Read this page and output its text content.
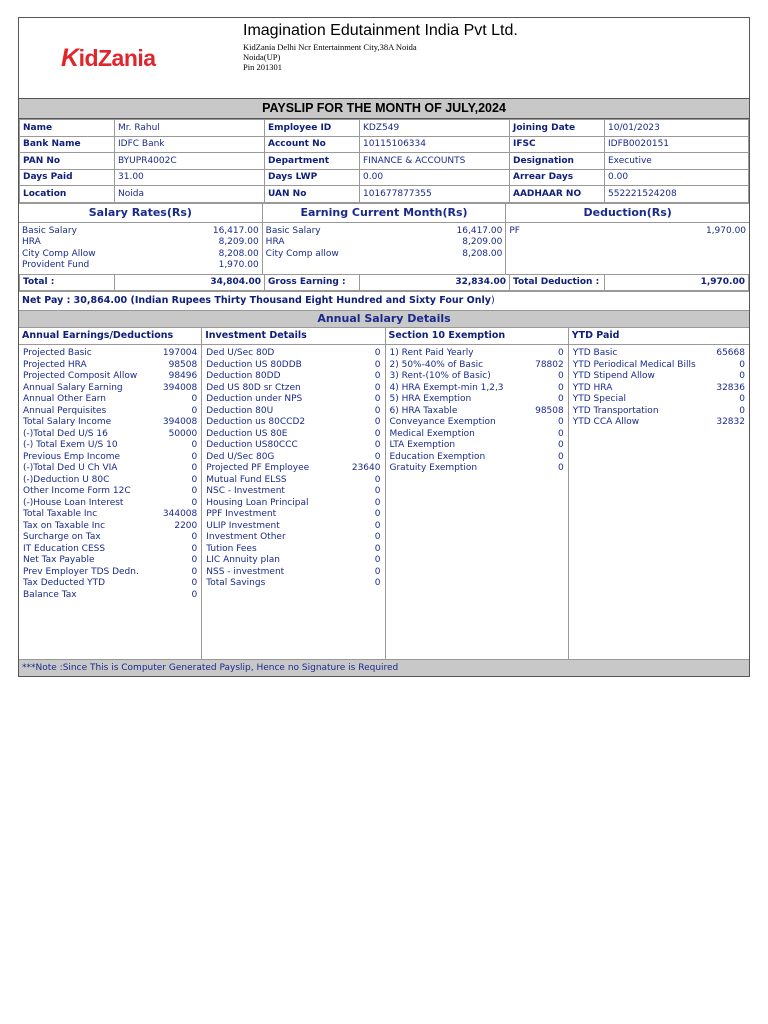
KidZania
Imagination Edutainment India Pvt Ltd.
KidZania Delhi Ncr Entertainment City,38A Noida
Noida(UP)
Pin 201301
PAYSLIP FOR THE MONTH OF JULY,2024
Name	Mr. Rahul	Employee ID	KDZ549	Joining Date	10/01/2023
Bank Name	IDFC Bank	Account No	10115106334	IFSC	IDFB0020151
PAN No	BYUPR4002C	Department	FINANCE & ACCOUNTS	Designation	Executive
Days Paid	31.00	Days LWP	0.00	Arrear Days	0.00
Location	Noida	UAN No	101677877355	AADHAAR NO	552221524208
Salary Rates(Rs)
Basic Salary	16,417.00
HRA	8,209.00
City Comp Allow	8,208.00
Provident Fund	1,970.00
Earning Current Month(Rs)
Basic Salary	16,417.00
HRA	8,209.00
City Comp allow	8,208.00
Deduction(Rs)
PF	1,970.00
Total :	34,804.00	Gross Earning :	32,834.00	Total Deduction :	1,970.00
Net Pay : 30,864.00 (Indian Rupees Thirty Thousand Eight Hundred and Sixty Four Only)
Annual Salary Details
Annual Earnings/Deductions
Projected Basic	197004
Projected HRA	98508
Projected Composit Allow	98496
Annual Salary Earning	394008
Annual Other Earn	0
Annual Perquisites	0
Total Salary Income	394008
(-)Total Ded U/S 16	50000
(-) Total Exem U/S 10	0
Previous Emp Income	0
(-)Total Ded U Ch VIA	0
(-)Deduction U 80C	0
Other Income Form 12C	0
(-)House Loan Interest	0
Total Taxable Inc	344008
Tax on Taxable Inc	2200
Surcharge on Tax	0
IT Education CESS	0
Net Tax Payable	0
Prev Employer TDS Dedn.	0
Tax Deducted YTD	0
Balance Tax	0
Investment Details
Ded U/Sec 80D	0
Deduction US 80DDB	0
Deduction 80DD	0
Ded US 80D sr Ctzen	0
Deduction under NPS	0
Deduction 80U	0
Deduction us 80CCD2	0
Deduction US 80E	0
Deduction US80CCC	0
Ded U/Sec 80G	0
Projected PF Employee	23640
Mutual Fund ELSS	0
NSC - Investment	0
Housing Loan Principal	0
PPF Investment	0
ULIP Investment	0
Investment Other	0
Tution Fees	0
LIC Annuity plan	0
NSS - investment	0
Total Savings	0
Section 10 Exemption
1) Rent Paid Yearly	0
2) 50%-40% of Basic	78802
3) Rent-(10% of Basic)	0
4) HRA Exempt-min 1,2,3	0
5) HRA Exemption	0
6) HRA Taxable	98508
Conveyance Exemption	0
Medical Exemption	0
LTA Exemption	0
Education Exemption	0
Gratuity Exemption	0
YTD Paid
YTD Basic	65668
YTD Periodical Medical Bills	0
YTD Stipend Allow	0
YTD HRA	32836
YTD Special	0
YTD Transportation	0
YTD CCA Allow	32832
***Note :Since This is Computer Generated Payslip, Hence no Signature is Required
